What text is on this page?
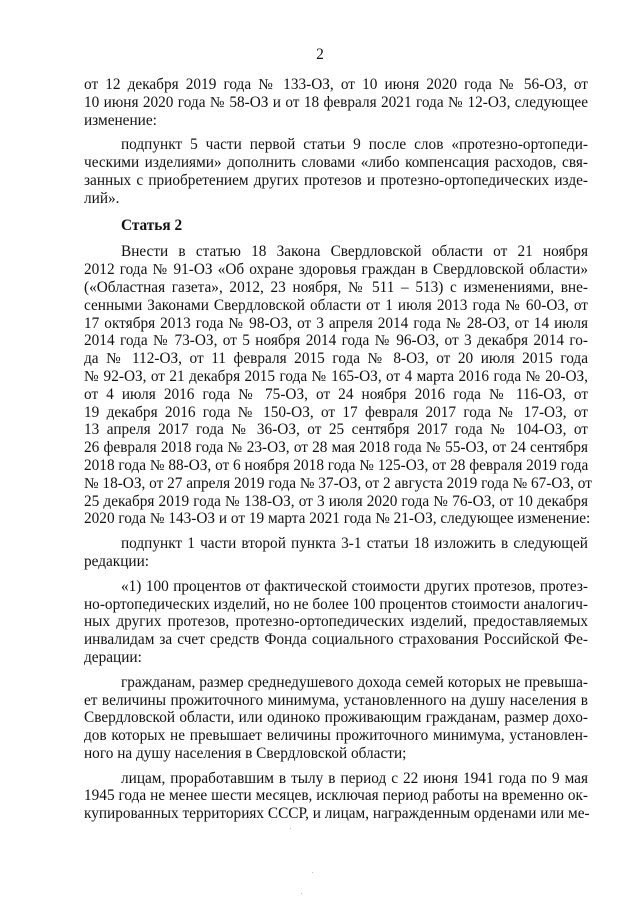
2
от 12 декабря 2019 года № 133-ОЗ, от 10 июня 2020 года № 56-ОЗ, от
10 июня 2020 года № 58-ОЗ и от 18 февраля 2021 года № 12-ОЗ, следующее
изменение:
подпункт 5 части первой статьи 9 после слов «протезно-ортопеди-
ческими изделиями» дополнить словами «либо компенсация расходов, свя-
занных с приобретением других протезов и протезно-ортопедических изде-
лий».
Статья 2
Внести в статью 18 Закона Свердловской области от 21 ноября
2012 года № 91-ОЗ «Об охране здоровья граждан в Свердловской области»
(«Областная газета», 2012, 23 ноября, № 511 – 513) с изменениями, вне-
сенными Законами Свердловской области от 1 июля 2013 года № 60-ОЗ, от
17 октября 2013 года № 98-ОЗ, от 3 апреля 2014 года № 28-ОЗ, от 14 июля
2014 года № 73-ОЗ, от 5 ноября 2014 года № 96-ОЗ, от 3 декабря 2014 го-
да № 112-ОЗ, от 11 февраля 2015 года № 8-ОЗ, от 20 июля 2015 года
№ 92-ОЗ, от 21 декабря 2015 года № 165-ОЗ, от 4 марта 2016 года № 20-ОЗ,
от 4 июля 2016 года № 75-ОЗ, от 24 ноября 2016 года № 116-ОЗ, от
19 декабря 2016 года № 150-ОЗ, от 17 февраля 2017 года № 17-ОЗ, от
13 апреля 2017 года № 36-ОЗ, от 25 сентября 2017 года № 104-ОЗ, от
26 февраля 2018 года № 23-ОЗ, от 28 мая 2018 года № 55-ОЗ, от 24 сентября
2018 года № 88-ОЗ, от 6 ноября 2018 года № 125-ОЗ, от 28 февраля 2019 года
№ 18-ОЗ, от 27 апреля 2019 года № 37-ОЗ, от 2 августа 2019 года № 67-ОЗ, от
25 декабря 2019 года № 138-ОЗ, от 3 июля 2020 года № 76-ОЗ, от 10 декабря
2020 года № 143-ОЗ и от 19 марта 2021 года № 21-ОЗ, следующее изменение:
подпункт 1 части второй пункта 3-1 статьи 18 изложить в следующей
редакции:
«1) 100 процентов от фактической стоимости других протезов, протез-
но-ортопедических изделий, но не более 100 процентов стоимости аналогич-
ных других протезов, протезно-ортопедических изделий, предоставляемых
инвалидам за счет средств Фонда социального страхования Российской Фе-
дерации:
гражданам, размер среднедушевого дохода семей которых не превыша-
ет величины прожиточного минимума, установленного на душу населения в
Свердловской области, или одиноко проживающим гражданам, размер дохо-
дов которых не превышает величины прожиточного минимума, установлен-
ного на душу населения в Свердловской области;
лицам, проработавшим в тылу в период с 22 июня 1941 года по 9 мая
1945 года не менее шести месяцев, исключая период работы на временно ок-
купированных территориях СССР, и лицам, награжденным орденами или ме-
